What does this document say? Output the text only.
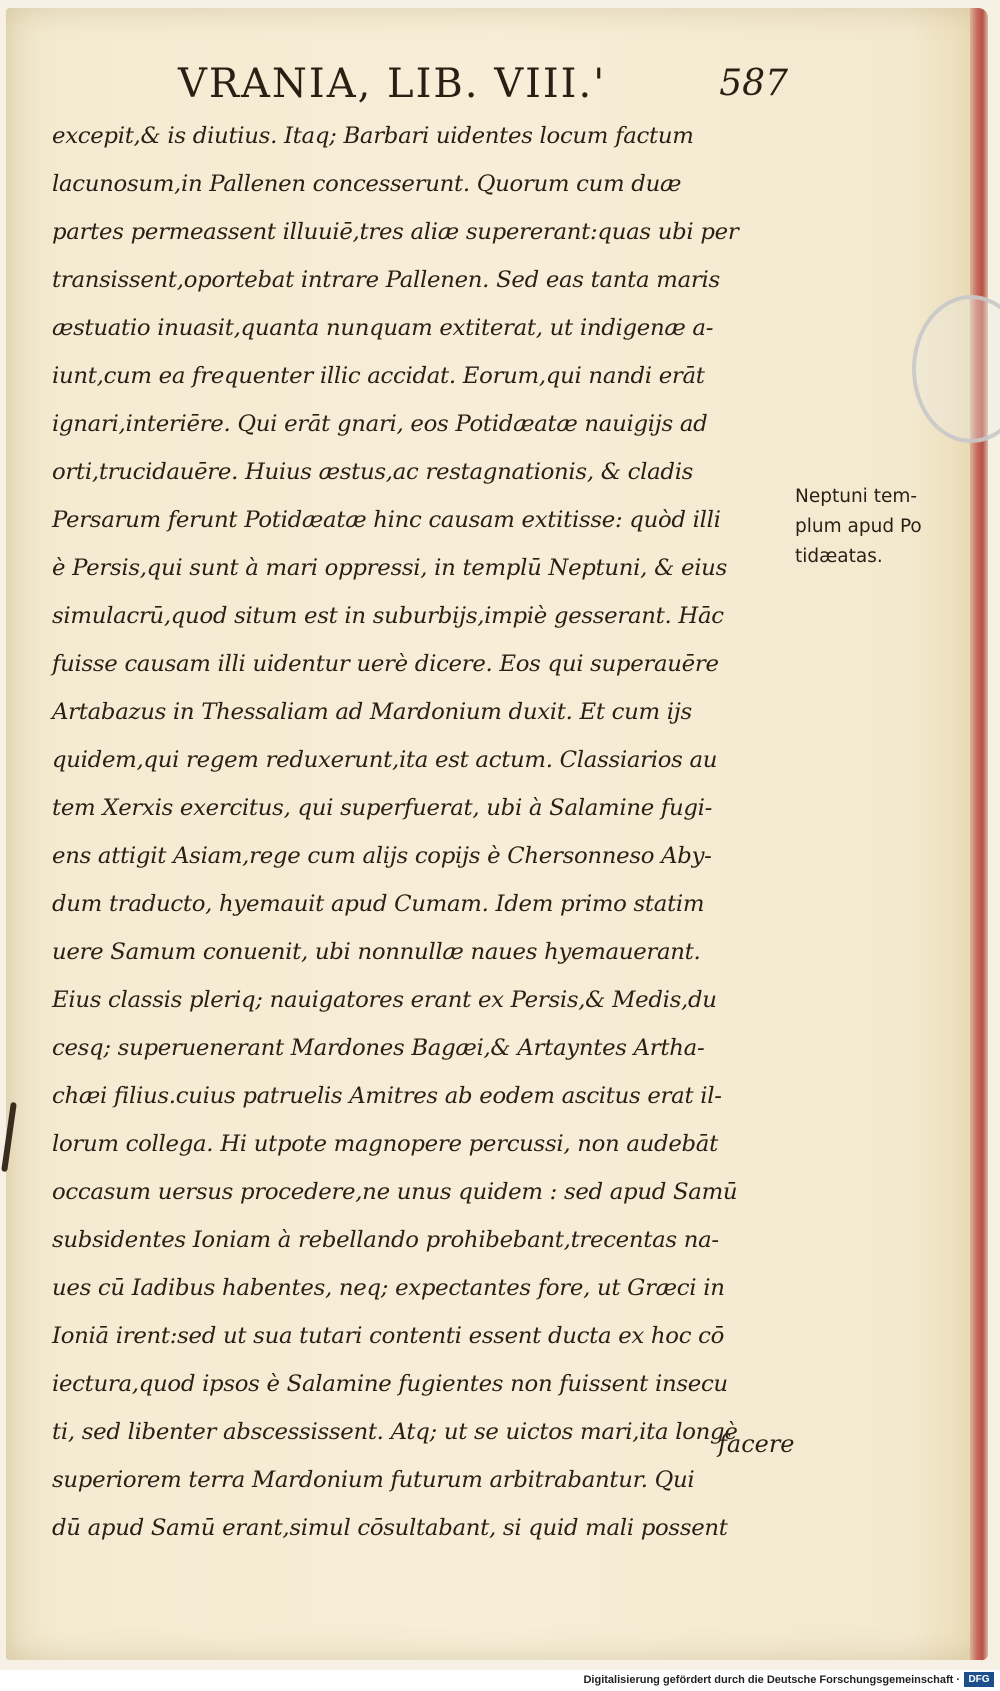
VRANIA, LIB. VIII.'	587
excepit,& is diutius. Itaq; Barbari uidentes locum factum
lacunosum,in Pallenen concesserunt. Quorum cum duæ
partes permeassent illuuiē,tres aliæ supererant:quas ubi per
transissent,oportebat intrare Pallenen. Sed eas tanta maris
æstuatio inuasit,quanta nunquam extiterat, ut indigenæ a-
iunt,cum ea frequenter illic accidat. Eorum,qui nandi erāt
ignari,interiēre. Qui erāt gnari, eos Potidæatæ nauigijs ad
orti,trucidauēre. Huius æstus,ac restagnationis, & cladis
Persarum ferunt Potidæatæ hinc causam extitisse: quòd illi
è Persis,qui sunt à mari oppressi, in templū Neptuni, & eius
simulacrū,quod situm est in suburbijs,impiè gesserant. Hāc
fuisse causam illi uidentur uerè dicere. Eos qui superauēre
Artabazus in Thessaliam ad Mardonium duxit. Et cum ijs
quidem,qui regem reduxerunt,ita est actum. Classiarios au
tem Xerxis exercitus, qui superfuerat, ubi à Salamine fugi-
ens attigit Asiam,rege cum alijs copijs è Chersonneso Aby-
dum traducto, hyemauit apud Cumam. Idem primo statim
uere Samum conuenit, ubi nonnullæ naues hyemauerant.
Eius classis pleriq; nauigatores erant ex Persis,& Medis,du
cesq; superuenerant Mardones Bagæi,& Artayntes Artha-
chæi filius.cuius patruelis Amitres ab eodem ascitus erat il-
lorum collega. Hi utpote magnopere percussi, non audebāt
occasum uersus procedere,ne unus quidem : sed apud Samū
subsidentes Ioniam à rebellando prohibebant,trecentas na-
ues cū Iadibus habentes, neq; expectantes fore, ut Græci in
Ioniā irent:sed ut sua tutari contenti essent ducta ex hoc cō
iectura,quod ipsos è Salamine fugientes non fuissent insecu
ti, sed libenter abscessissent. Atq; ut se uictos mari,ita longè
superiorem terra Mardonium futurum arbitrabantur. Qui
dū apud Samū erant,simul cōsultabant, si quid mali possent
facere
Neptuni tem-
plum apud Po
tidæatas.
Digitalisierung gefördert durch die Deutsche Forschungsgemeinschaft · DFG
